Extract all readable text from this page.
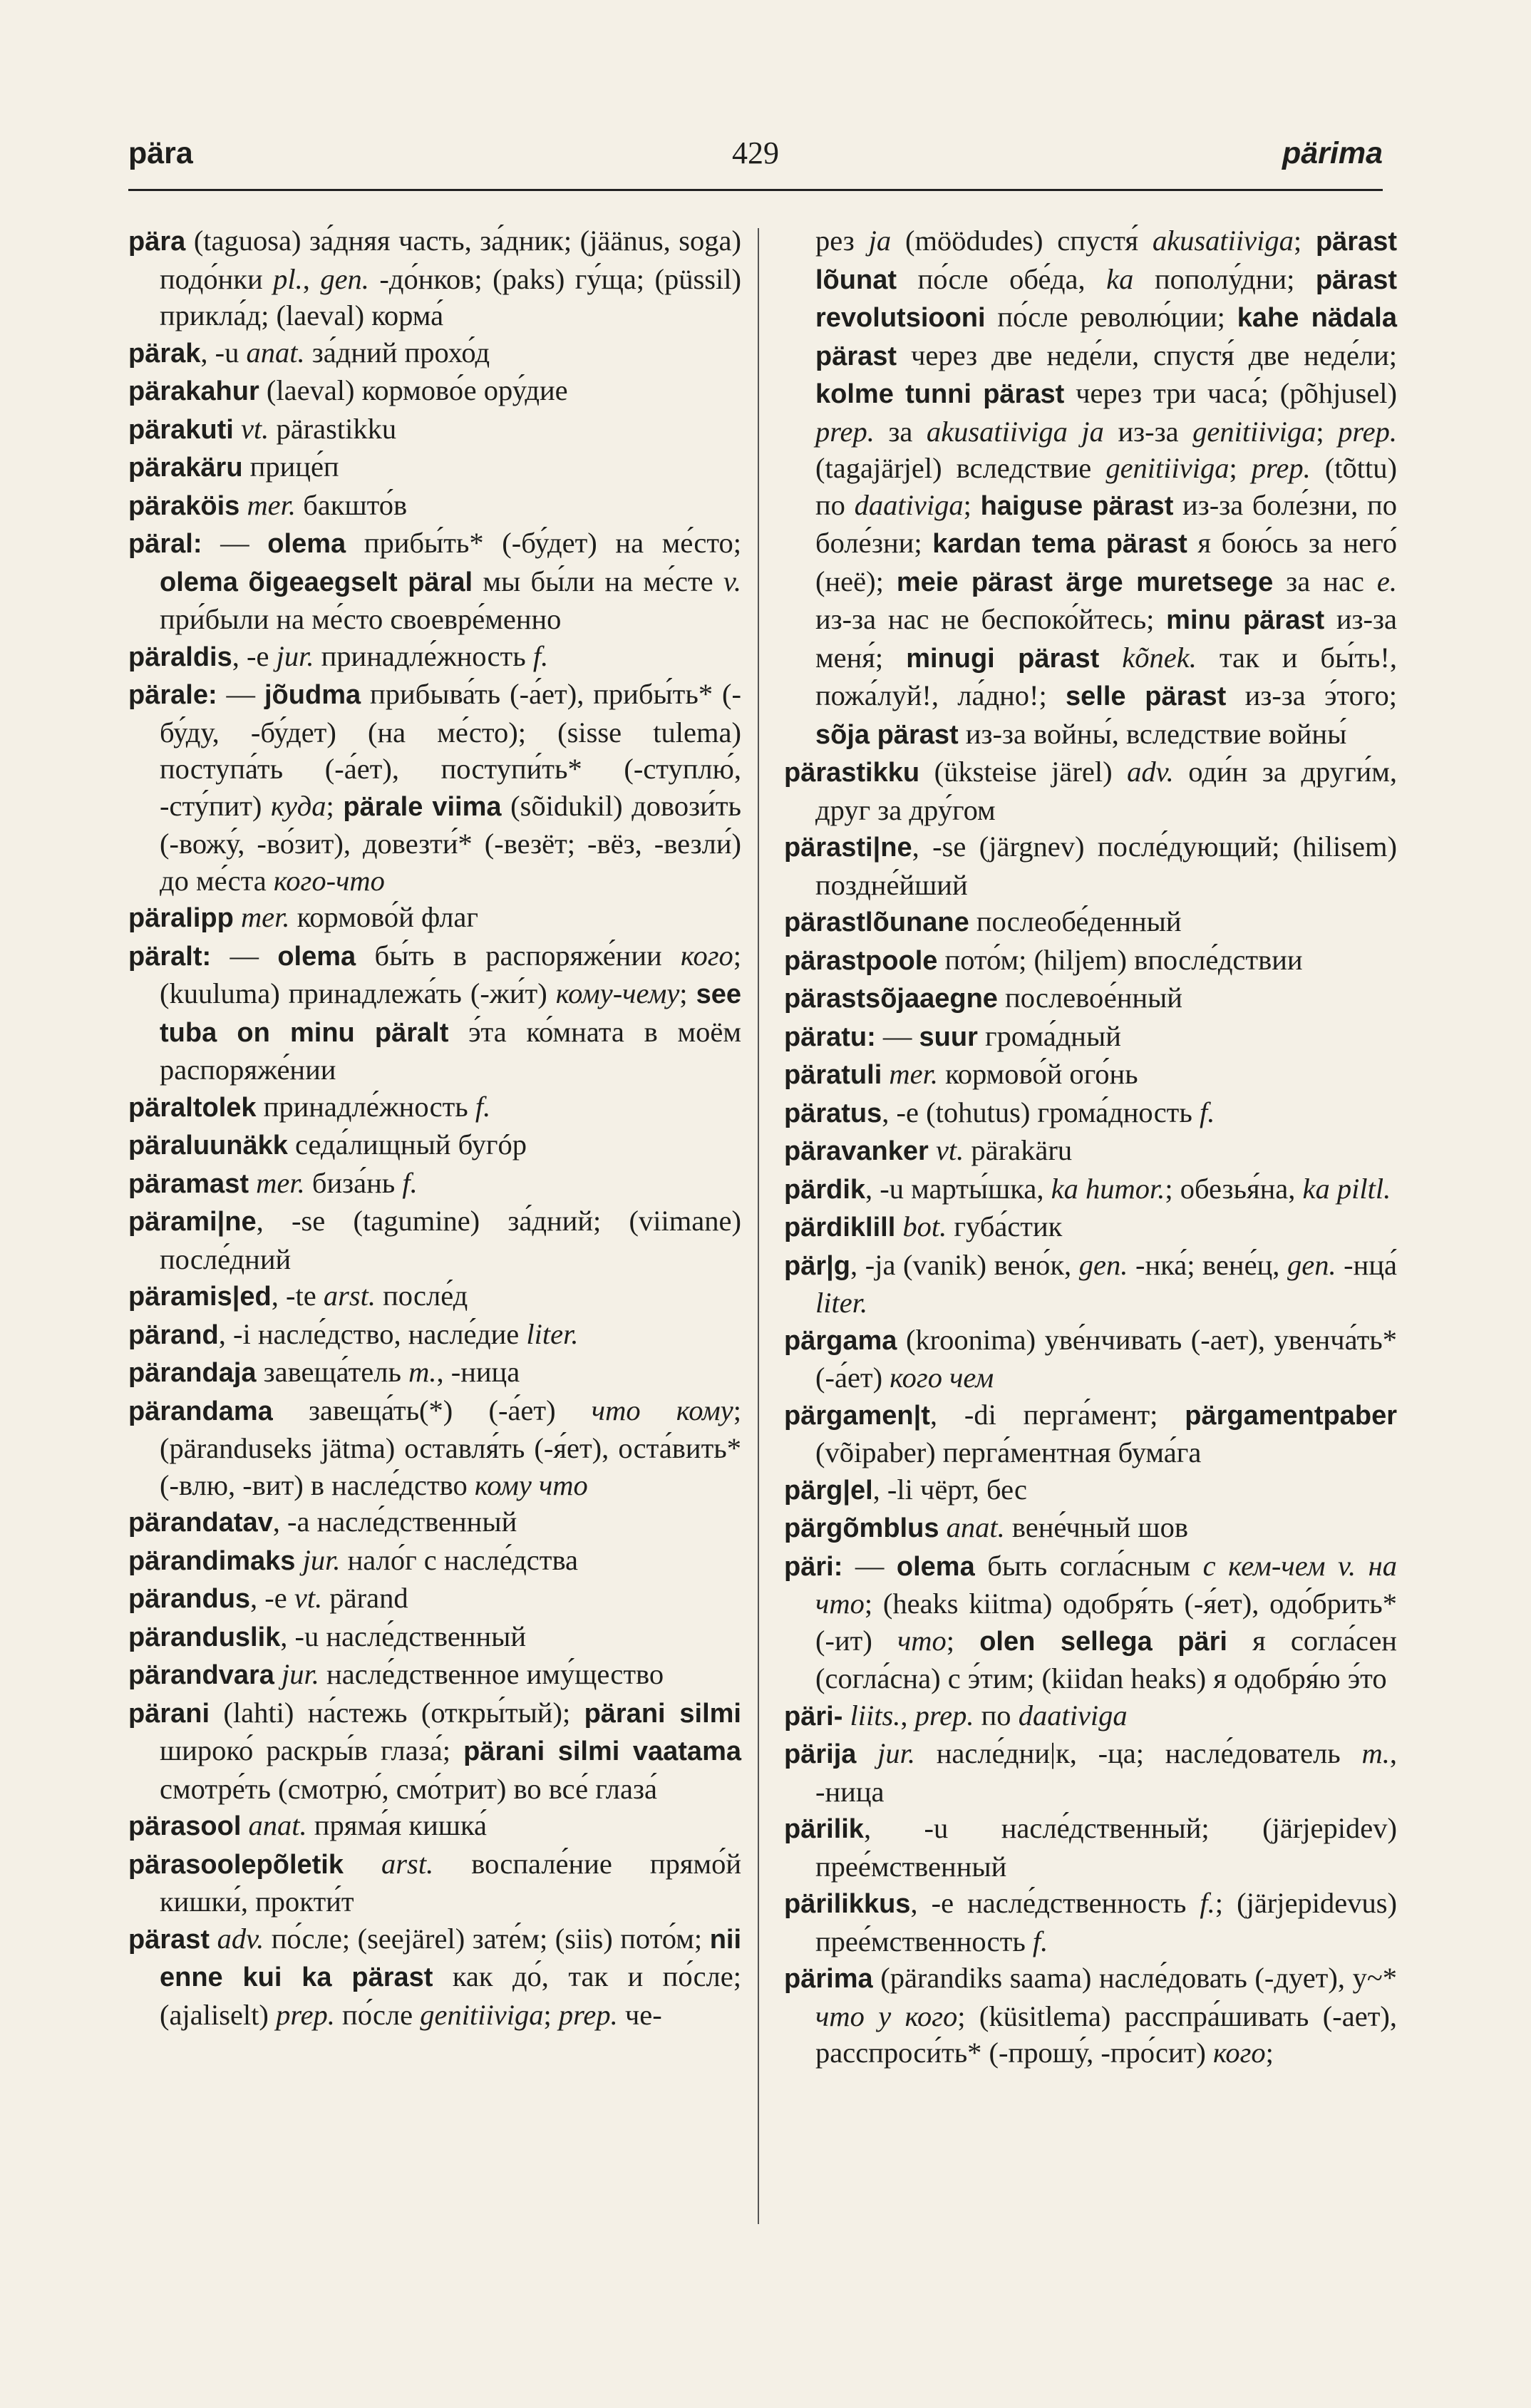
429
pära	pärima
pära (taguosa) за́дняя часть, за́дник; (jäänus, soga) подо́нки pl., gen. -до́нков; (paks) гу́ща; (püssil) прикла́д; (laeval) корма́
pärak, -u anat. за́дний прохо́д
pärakahur (laeval) кормово́е ору́дие
pärakuti vt. pärastikku
pärakäru прице́п
päraköis mer. бакшто́в
päral: — olema прибы́ть* (-бу́дет) на ме́сто; olema õigeaegselt päral мы бы́ли на ме́сте v. при́были на ме́сто своевре́менно
päraldis, -e jur. принадле́жность f.
pärale: — jõudma прибыва́ть (-а́ет), прибы́ть* (-бу́ду, -бу́дет) (на ме́сто); (sisse tulema) поступа́ть (-а́ет), поступи́ть* (-ступлю́, -сту́пит) куда; pärale viima (sõidukil) довози́ть (-вожу́, -во́зит), довезти́* (-везёт; -вёз, -везли́) до ме́ста кого-что
päralipp mer. кормово́й флаг
päralt: — olema бы́ть в распоряже́нии кого; (kuuluma) принадлежа́ть (-жи́т) кому-чему; see tuba on minu päralt э́та ко́мната в моём распоряже́нии
päraltolek принадле́жность f.
päraluunäkk седа́лищный бугóр
päramast mer. биза́нь f.
pärami|ne, -se (tagumine) за́дний; (viimane) после́дний
päramis|ed, -te arst. после́д
pärand, -i насле́дство, насле́дие liter.
pärandaja завеща́тель m., -ница
pärandama завеща́ть(*) (-а́ет) что кому; (päranduseks jätma) оставля́ть (-я́ет), оста́вить* (-влю, -вит) в насле́дство кому что
pärandatav, -a насле́дственный
pärandimaks jur. нало́г с насле́дства
pärandus, -e vt. pärand
päranduslik, -u насле́дственный
pärandvara jur. насле́дственное иму́щество
pärani (lahti) на́стежь (откры́тый); pärani silmi широко́ раскры́в глаза́; pärani silmi vaatama смотре́ть (смотрю́, смо́трит) во все́ глаза́
pärasool anat. пряма́я кишка́
pärasoolepõletik arst. воспале́ние прямо́й кишки́, прокти́т
pärast adv. по́сле; (seejärel) зате́м; (siis) пото́м; nii enne kui ka pärast как до́, так и по́сле; (ajaliselt) prep. по́сле genitiiviga; prep. че-
рез ja (möödudes) спустя́ akusatiiviga; pärast lõunat по́сле обе́да, ka пополу́дни; pärast revolutsiooni по́сле револю́ции; kahe nädala pärast через две неде́ли, спустя́ две неде́ли; kolme tunni pärast через три часа́; (põhjusel) prep. за akusatiiviga ja из-за genitiiviga; prep. (tagajärjel) вследствие genitiiviga; prep. (tõttu) по daativiga; haiguse pärast из-за боле́зни, по боле́зни; kardan tema pärast я бою́сь за него́ (неё); meie pärast ärge muretsege за нас e. из-за нас не беспоко́йтесь; minu pärast из-за меня́; minugi pärast kõnek. так и бы́ть!, пожа́луй!, ла́дно!; selle pärast из-за э́того; sõja pärast из-за войны́, вследствие войны́
pärastikku (üksteise järel) adv. оди́н за други́м, друг за дру́гом
pärasti|ne, -se (järgnev) после́дующий; (hilisem) поздне́йший
pärastlõunane послеобе́денный
pärastpoole пото́м; (hiljem) впосле́дствии
pärastsõjaaegne послевое́нный
päratu: — suur грома́дный
päratuli mer. кормово́й ого́нь
päratus, -e (tohutus) грома́дность f.
päravanker vt. pärakäru
pärdik, -u марты́шка, ka humor.; обезья́на, ka piltl.
pärdiklill bot. губа́стик
pär|g, -ja (vanik) вено́к, gen. -нка́; вене́ц, gen. -нца́ liter.
pärgama (kroonima) уве́нчивать (-ает), увенча́ть* (-а́ет) кого чем
pärgamen|t, -di перга́мент; pärgamentpaber (võipaber) перга́ментная бума́га
pärg|el, -li чёрт, бес
pärgõmblus anat. вене́чный шов
päri: — olema быть согла́сным с кем-чем v. на что; (heaks kiitma) одобря́ть (-я́ет), одо́брить* (-ит) что; olen sellega päri я согла́сен (согла́сна) с э́тим; (kiidan heaks) я одобря́ю э́то
päri- liits., prep. по daativiga
pärija jur. насле́дни|к, -ца; насле́дователь m., -ница
pärilik, -u насле́дственный; (järjepidev) прее́мственный
pärilikkus, -e насле́дственность f.; (järjepidevus) прее́мственность f.
pärima (pärandiks saama) насле́довать (-дует), у~* что у кого; (küsitlema) расспра́шивать (-ает), расспроси́ть* (-прошу́, -про́сит) кого;
